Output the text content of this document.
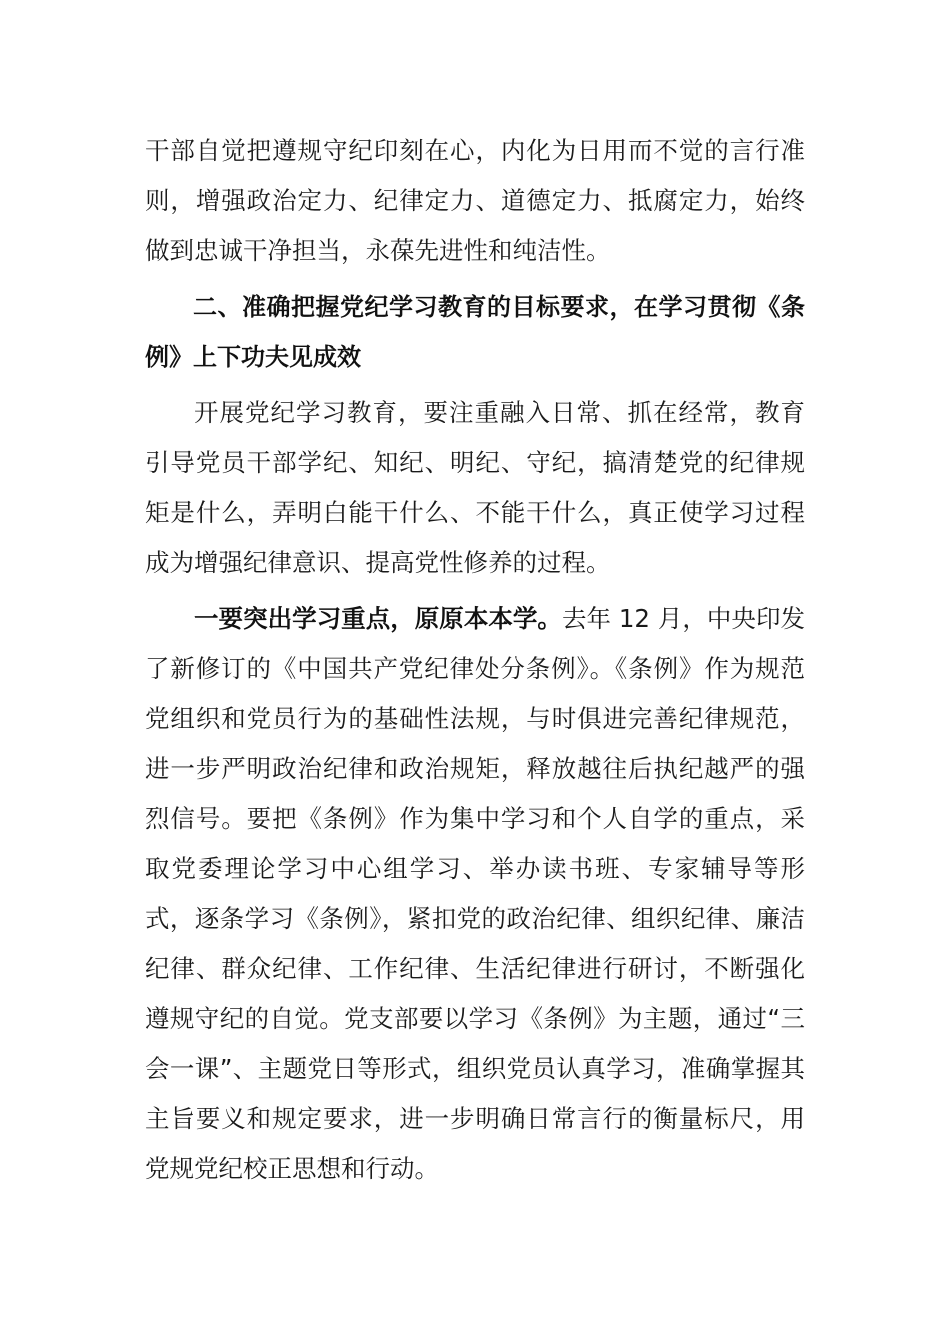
干部自觉把遵规守纪印刻在心，内化为日用而不觉的言行准则，增强政治定力、纪律定力、道德定力、抵腐定力，始终做到忠诚干净担当，永葆先进性和纯洁性。

二、准确把握党纪学习教育的目标要求，在学习贯彻《条例》上下功夫见成效

开展党纪学习教育，要注重融入日常、抓在经常，教育引导党员干部学纪、知纪、明纪、守纪，搞清楚党的纪律规矩是什么，弄明白能干什么、不能干什么，真正使学习过程成为增强纪律意识、提高党性修养的过程。

一要突出学习重点，原原本本学。去年 12 月，中央印发了新修订的《中国共产党纪律处分条例》。《条例》作为规范党组织和党员行为的基础性法规，与时俱进完善纪律规范，进一步严明政治纪律和政治规矩，释放越往后执纪越严的强烈信号。要把《条例》作为集中学习和个人自学的重点，采取党委理论学习中心组学习、举办读书班、专家辅导等形式，逐条学习《条例》，紧扣党的政治纪律、组织纪律、廉洁纪律、群众纪律、工作纪律、生活纪律进行研讨，不断强化遵规守纪的自觉。党支部要以学习《条例》为主题，通过“三会一课”、主题党日等形式，组织党员认真学习，准确掌握其主旨要义和规定要求，进一步明确日常言行的衡量标尺，用党规党纪校正思想和行动。
